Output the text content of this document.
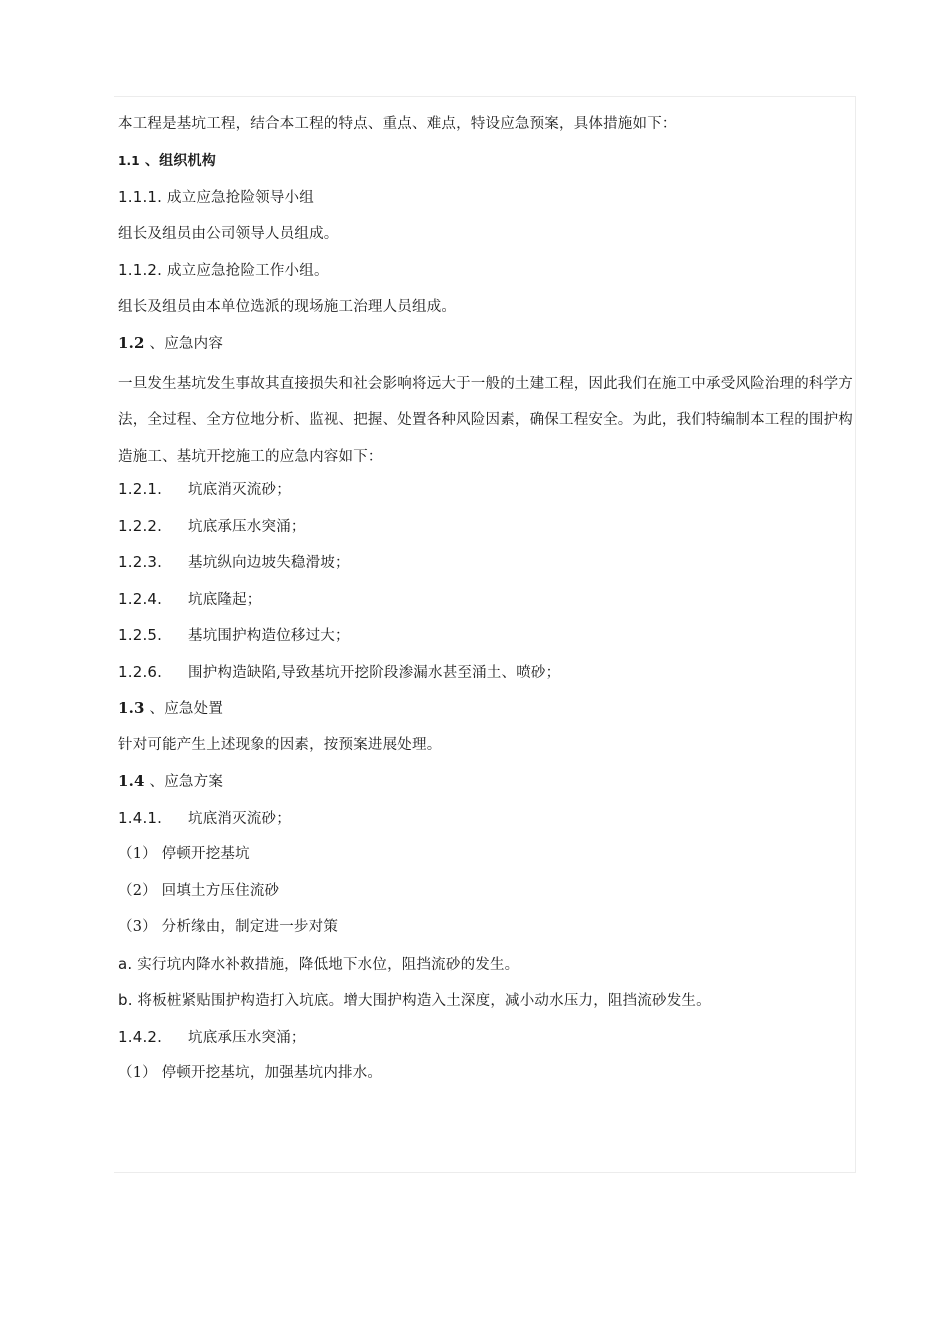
本工程是基坑工程，结合本工程的特点、重点、难点，特设应急预案，具体措施如下：
1.1 、组织机构
1.1.1. 成立应急抢险领导小组
组长及组员由公司领导人员组成。
1.1.2. 成立应急抢险工作小组。
组长及组员由本单位选派的现场施工治理人员组成。
1.2 、应急内容
一旦发生基坑发生事故其直接损失和社会影响将远大于一般的土建工程，因此我们在施工中承受风险治理的科学方法，全过程、全方位地分析、监视、把握、处置各种风险因素，确保工程安全。为此，我们特编制本工程的围护构造施工、基坑开挖施工的应急内容如下：
1.2.1. 坑底消灭流砂；
1.2.2. 坑底承压水突涌；
1.2.3. 基坑纵向边坡失稳滑坡；
1.2.4. 坑底隆起；
1.2.5. 基坑围护构造位移过大；
1.2.6. 围护构造缺陷,导致基坑开挖阶段渗漏水甚至涌土、喷砂；
1.3 、应急处置
针对可能产生上述现象的因素，按预案进展处理。
1.4 、应急方案
1.4.1. 坑底消灭流砂；
（1） 停顿开挖基坑
（2） 回填土方压住流砂
（3） 分析缘由，制定进一步对策
a. 实行坑内降水补救措施，降低地下水位，阻挡流砂的发生。
b. 将板桩紧贴围护构造打入坑底。增大围护构造入土深度，减小动水压力，阻挡流砂发生。
1.4.2. 坑底承压水突涌；
（1） 停顿开挖基坑，加强基坑内排水。
